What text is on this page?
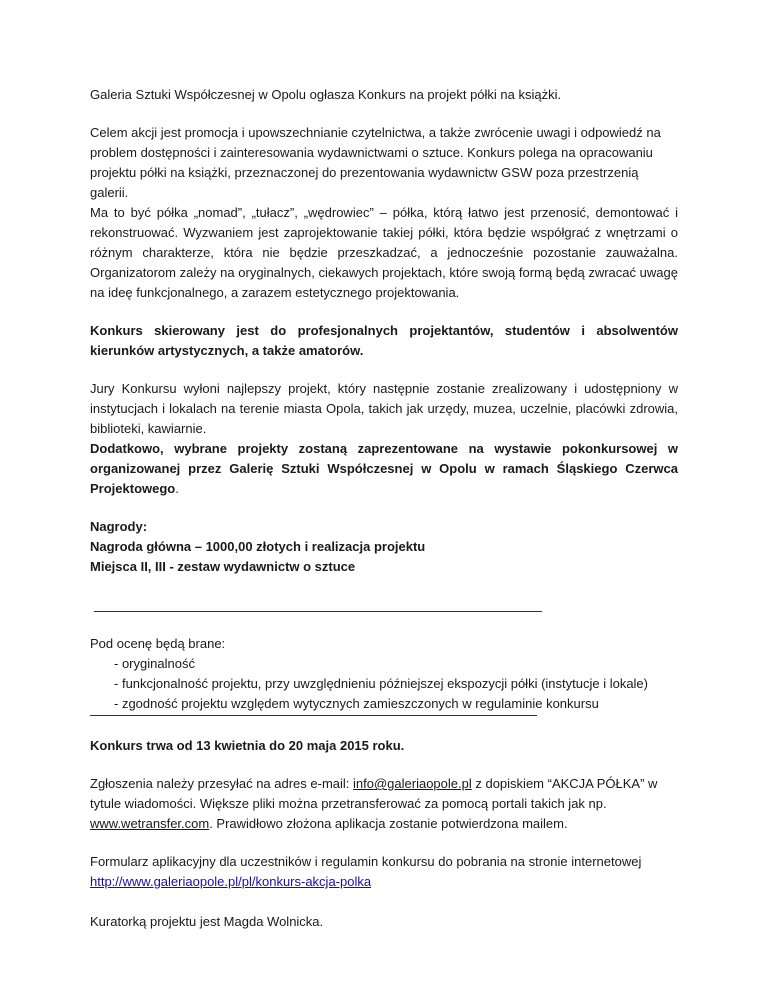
Galeria Sztuki Współczesnej w Opolu ogłasza Konkurs na projekt półki na książki.

Celem akcji jest promocja i upowszechnianie czytelnictwa, a także zwrócenie uwagi i odpowiedź na problem dostępności i zainteresowania wydawnictwami o sztuce. Konkurs polega na opracowaniu projektu półki na książki, przeznaczonej do prezentowania wydawnictw GSW poza przestrzenią galerii.

Ma to być półka „nomad”, „tułacz”, „wędrowiec” – półka, którą łatwo jest przenosić, demontować i rekonstruować. Wyzwaniem jest zaprojektowanie takiej półki, która będzie współgrać z wnętrzami o różnym charakterze, która nie będzie przeszkadzać, a jednocześnie pozostanie zauważalna. Organizatorom zależy na oryginalnych, ciekawych projektach, które swoją formą będą zwracać uwagę na ideę funkcjonalnego, a zarazem estetycznego projektowania.

Konkurs skierowany jest do profesjonalnych projektantów, studentów i absolwentów kierunków artystycznych, a także amatorów.

Jury Konkursu wyłoni najlepszy projekt, który następnie zostanie zrealizowany i udostępniony w instytucjach i lokalach na terenie miasta Opola, takich jak urzędy, muzea, uczelnie, placówki zdrowia, biblioteki, kawiarnie.

Dodatkowo, wybrane projekty zostaną zaprezentowane na wystawie pokonkursowej w organizowanej przez Galerię Sztuki Współczesnej w Opolu w ramach Śląskiego Czerwca Projektowego.

Nagrody:

Nagroda główna – 1000,00 złotych i realizacja projektu

Miejsca II, III - zestaw wydawnictw o sztuce

Pod ocenę będą brane:

- oryginalność
- funkcjonalność projektu, przy uwzględnieniu późniejszej ekspozycji półki (instytucje i lokale)
- zgodność projektu względem wytycznych zamieszczonych w regulaminie konkursu

Konkurs trwa od 13 kwietnia do 20 maja 2015 roku.

Zgłoszenia należy przesyłać na adres e-mail: info@galeriaopole.pl z dopiskiem “AKCJA PÓŁKA” w tytule wiadomości. Większe pliki można przetransferować za pomocą portali takich jak np. www.wetransfer.com. Prawidłowo złożona aplikacja zostanie potwierdzona mailem.

Formularz aplikacyjny dla uczestników i regulamin konkursu do pobrania na stronie internetowej
http://www.galeriaopole.pl/pl/konkurs-akcja-polka

Kuratorką projektu jest Magda Wolnicka.
